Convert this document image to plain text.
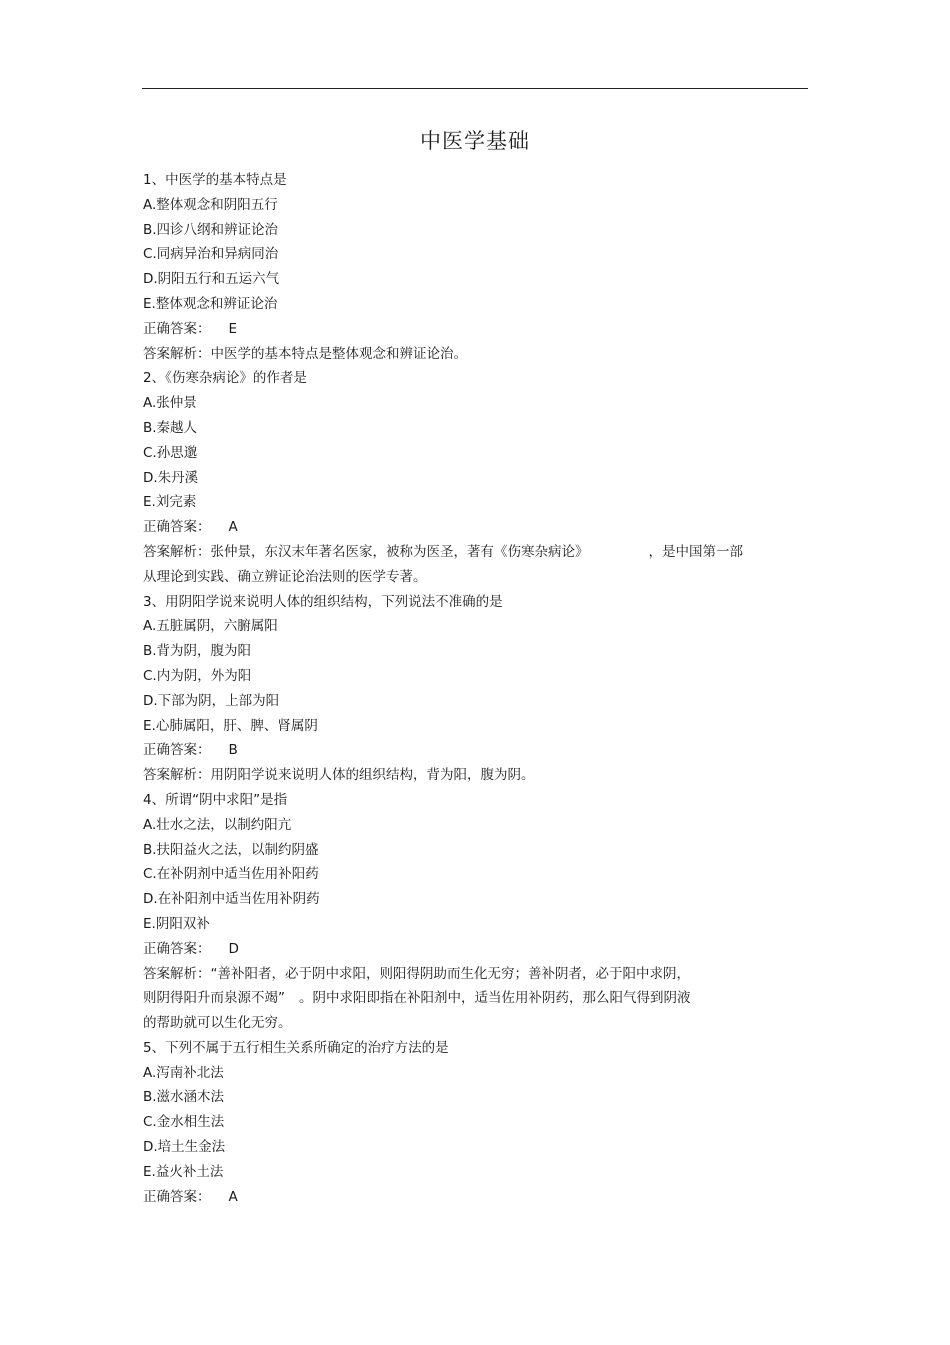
中医学基础

1、中医学的基本特点是

A.整体观念和阴阳五行

B.四诊八纲和辨证论治

C.同病异治和异病同治

D.阴阳五行和五运六气

E.整体观念和辨证论治

正确答案： E

答案解析：中医学的基本特点是整体观念和辨证论治。

2、《伤寒杂病论》的作者是

A.张仲景

B.秦越人

C.孙思邈

D.朱丹溪

E.刘完素

正确答案： A

答案解析：张仲景，东汉末年著名医家，被称为医圣，著有《伤寒杂病论》	，是中国第一部

从理论到实践、确立辨证论治法则的医学专著。

3、用阴阳学说来说明人体的组织结构，下列说法不准确的是

A.五脏属阴，六腑属阳

B.背为阴，腹为阳

C.内为阴，外为阳

D.下部为阴，上部为阳

E.心肺属阳，肝、脾、肾属阴

正确答案： B

答案解析：用阴阳学说来说明人体的组织结构，背为阳，腹为阴。

4、所谓“阴中求阳”是指

A.壮水之法，以制约阳亢

B.扶阳益火之法，以制约阴盛

C.在补阴剂中适当佐用补阳药

D.在补阳剂中适当佐用补阴药

E.阴阳双补

正确答案： D

答案解析：“善补阳者，必于阴中求阳，则阳得阴助而生化无穷；善补阴者，必于阳中求阴，

则阴得阳升而泉源不竭” 。阴中求阳即指在补阳剂中，适当佐用补阴药，那么阳气得到阴液

的帮助就可以生化无穷。

5、下列不属于五行相生关系所确定的治疗方法的是

A.泻南补北法

B.滋水涵木法

C.金水相生法

D.培土生金法

E.益火补土法

正确答案： A
